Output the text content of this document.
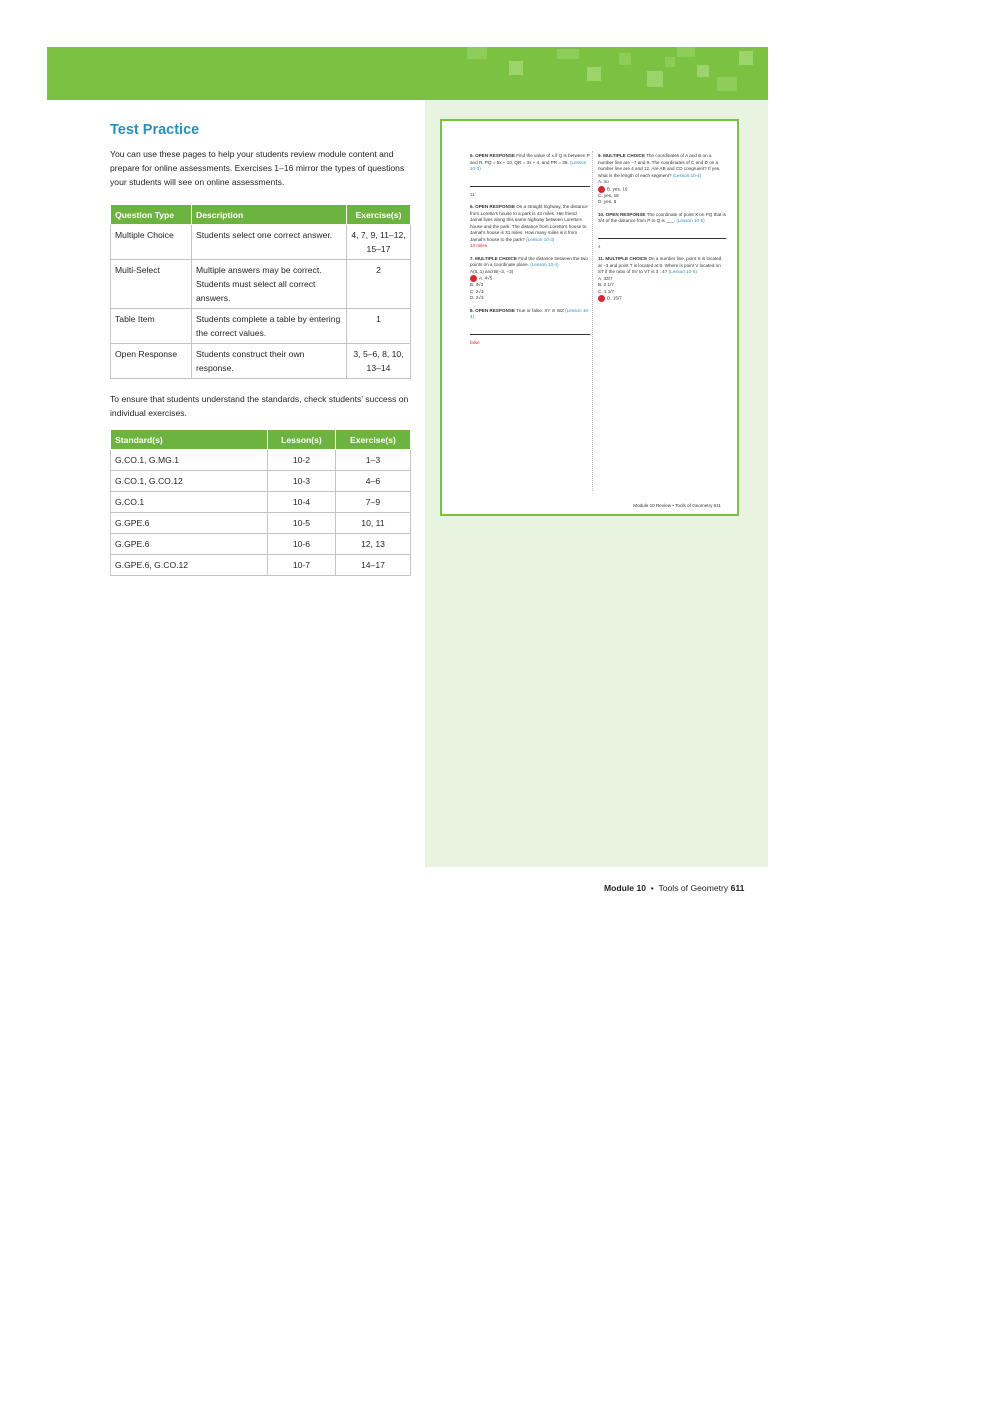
Test Practice

You can use these pages to help your students review module content and prepare for online assessments. Exercises 1–16 mirror the types of questions your students will see on online assessments.

Question Type	Description	Exercise(s)
Multiple Choice	Students select one correct answer.	4, 7, 9, 11–12, 15–17
Multi-Select	Multiple answers may be correct. Students must select all correct answers.	2
Table Item	Students complete a table by entering the correct values.	1
Open Response	Students construct their own response.	3, 5–6, 8, 10, 13–14

To ensure that students understand the standards, check students’ success on individual exercises.

Standard(s)	Lesson(s)	Exercise(s)
G.CO.1, G.MG.1	10-2	1–3
G.CO.1, G.CO.12	10-3	4–6
G.CO.1	10-4	7–9
G.GPE.6	10-5	10, 11
G.GPE.6	10-6	12, 13
G.GPE.6, G.CO.12	10-7	14–17
5. OPEN RESPONSE Find the value of x if Q is between P and R, PQ = 5x − 10, QR = 3x + 4, and PR = 38. (Lesson 10-3)
11
6. OPEN RESPONSE On a straight highway, the distance from Loretta’s house to a park is 43 miles. Her friend Jamal lives along this same highway between Loretta’s house and the park. The distance from Loretta’s house to Jamal’s house is 31 miles. How many miles is it from Jamal’s house to the park? (Lesson 10-3)
12 miles
7. MULTIPLE CHOICE Find the distance between the two points on a coordinate plane. (Lesson 10-4)
A(5, 1) and B(−3, −3)
A. 4√5
B. 4√3
C. 2√3
D. 2√3
8. OPEN RESPONSE True or false: XY ≅ WZ (Lesson 10-4)
false
9. MULTIPLE CHOICE The coordinates of A and B on a number line are −7 and 9. The coordinates of C and D on a number line are 4 and 12. Are AB and CD congruent? If yes, what is the length of each segment? (Lesson 10-4)
A. no
B. yes, 16
C. yes, 16
D. yes, 8
10. OPEN RESPONSE The coordinate of point X on PQ that is 3/4 of the distance from P to Q is ___. (Lesson 10-5)
4
11. MULTIPLE CHOICE On a number line, point S is located at −3 and point T is located at 9. Where is point V located on ST if the ratio of SV to VT is 3 : 4? (Lesson 10-6)
A. 33/7
B. 2 1/7
C. 1 1/7
D. 15/7
Module 10 Review • Tools of Geometry 611
Module 10  •  Tools of Geometry 611
